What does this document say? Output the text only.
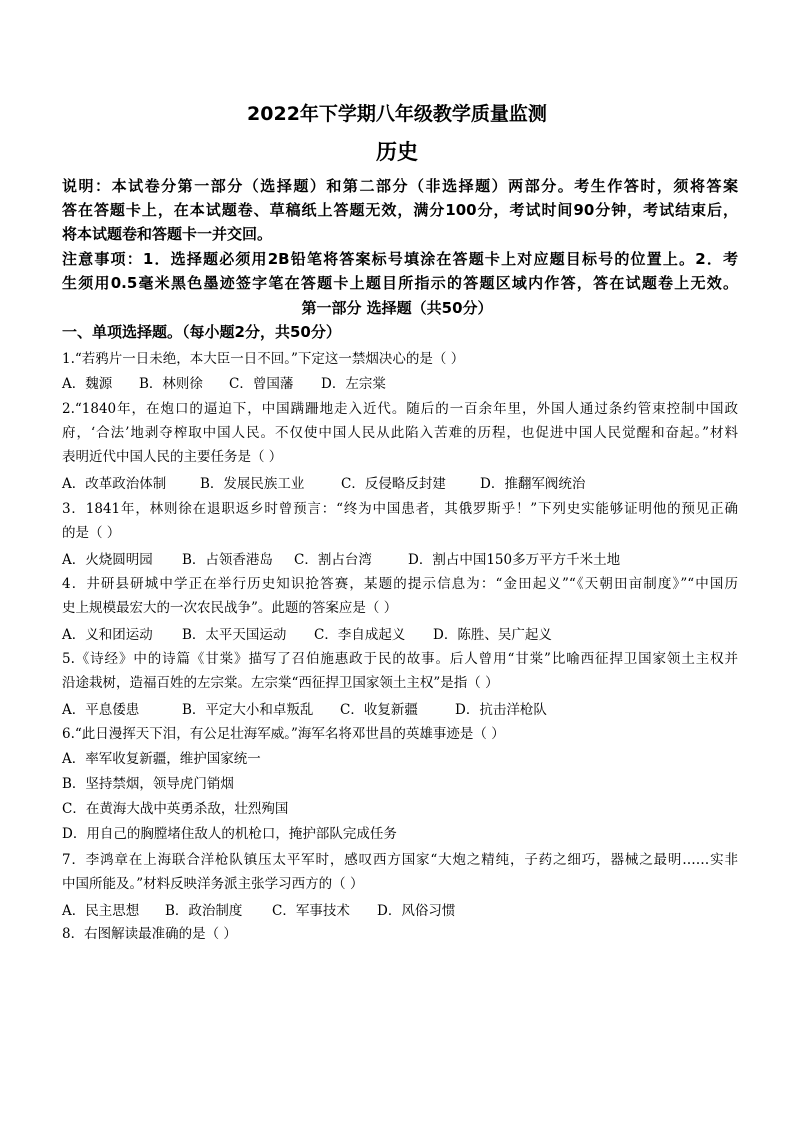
2022年下学期八年级教学质量监测
历史
说明：本试卷分第一部分（选择题）和第二部分（非选择题）两部分。考生作答时，须将答案
答在答题卡上，在本试题卷、草稿纸上答题无效，满分100分，考试时间90分钟，考试结束后，
将本试题卷和答题卡一并交回。
注意事项：1．选择题必须用2B铅笔将答案标号填涂在答题卡上对应题目标号的位置上。2．考
生须用0.5毫米黑色墨迹签字笔在答题卡上题目所指示的答题区域内作答，答在试题卷上无效。
第一部分 选择题（共50分）
一、单项选择题。（每小题2分，共50分）
1.“若鸦片一日未绝，本大臣一日不回。”下定这一禁烟决心的是（ ）
A．魏源 B．林则徐 C．曾国藩 D．左宗棠
2.“1840年，在炮口的逼迫下，中国蹒跚地走入近代。随后的一百余年里，外国人通过条约管束控制中国政
府，‘合法’地剥夺榨取中国人民。不仅使中国人民从此陷入苦难的历程，也促进中国人民觉醒和奋起。”材料
表明近代中国人民的主要任务是（ ）
A．改革政治体制	B．发展民族工业	C．反侵略反封建	D．推翻军阀统治
3．1841年，林则徐在退职返乡时曾预言：“终为中国患者，其俄罗斯乎！”下列史实能够证明他的预见正确
的是（ ）
A．火烧圆明园 B．占领香港岛 C．割占台湾	D．割占中国150多万平方千米土地
4．井研县研城中学正在举行历史知识抢答赛，某题的提示信息为：“金田起义”“《天朝田亩制度》”“中国历
史上规模最宏大的一次农民战争”。此题的答案应是（ ）
A．义和团运动 B．太平天国运动 C．李自成起义 D．陈胜、吴广起义
5.《诗经》中的诗篇《甘棠》描写了召伯施惠政于民的故事。后人曾用“甘棠”比喻西征捍卫国家领土主权并
沿途栽树，造福百姓的左宗棠。左宗棠“西征捍卫国家领土主权”是指（ ）
A．平息倭患	B．平定大小和卓叛乱 C．收复新疆	D．抗击洋枪队
6.“此日漫挥天下泪，有公足壮海军威。”海军名将邓世昌的英雄事迹是（ ）
A．率军收复新疆，维护国家统一
B．坚持禁烟，领导虎门销烟
C．在黄海大战中英勇杀敌，壮烈殉国
D．用自己的胸膛堵住敌人的机枪口，掩护部队完成任务
7．李鸿章在上海联合洋枪队镇压太平军时，感叹西方国家“大炮之精纯，子药之细巧，器械之最明……实非
中国所能及。”材料反映洋务派主张学习西方的（ ）
A．民主思想 B．政治制度 C．军事技术 D．风俗习惯
8．右图解读最准确的是（ ）
